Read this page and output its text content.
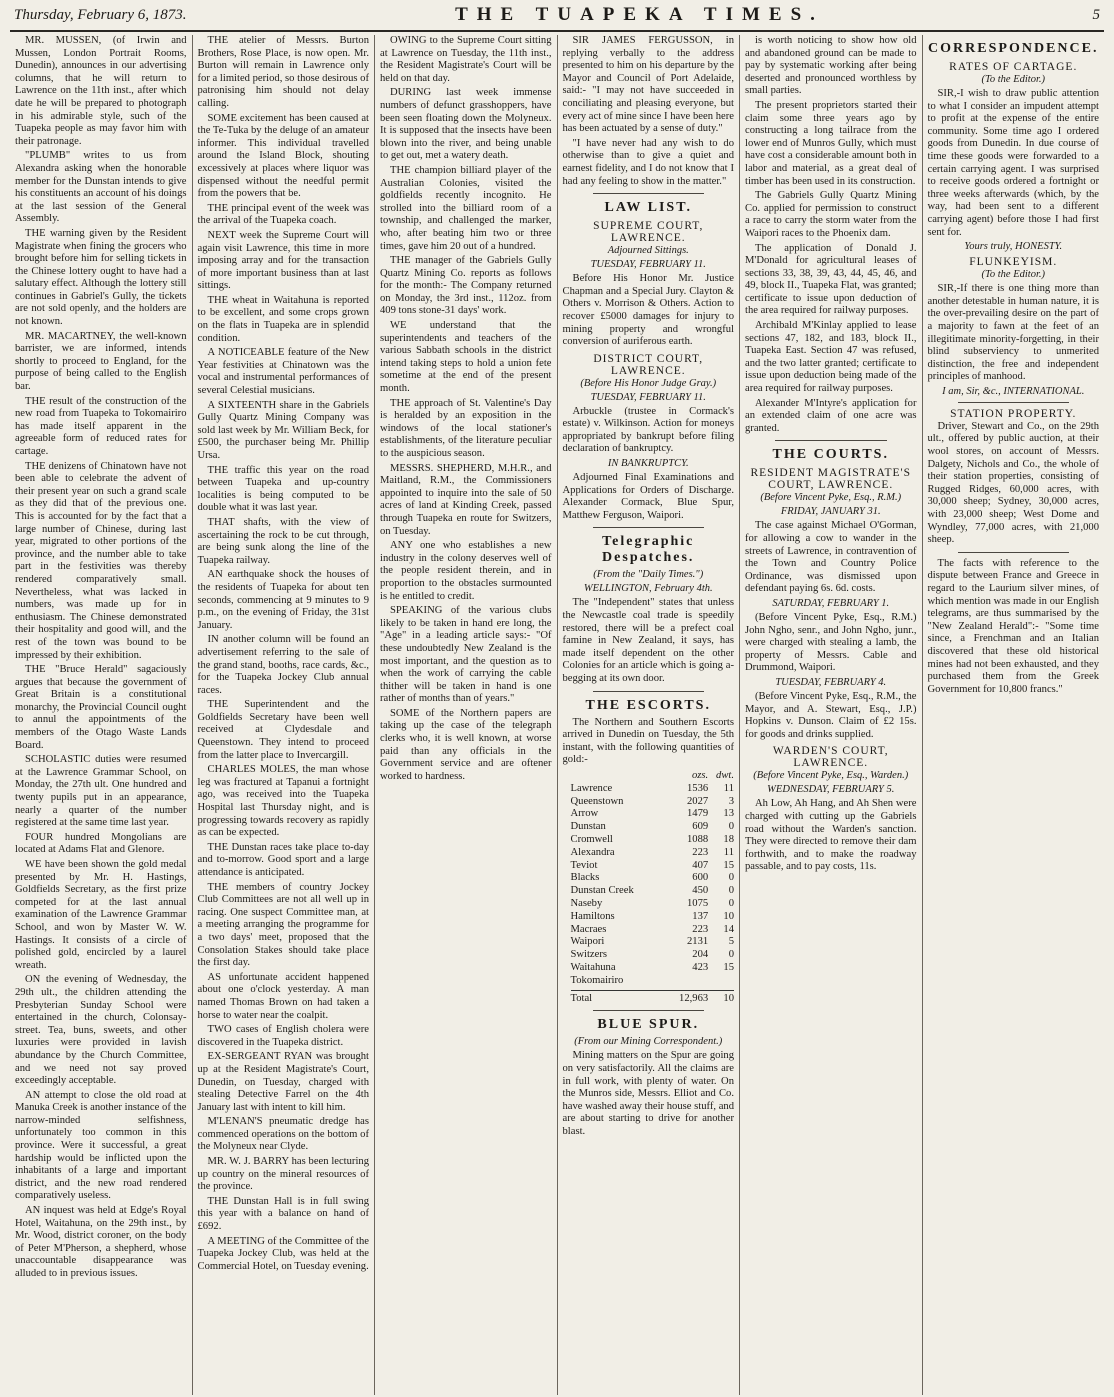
Thursday, February 6, 1873.	THE TUAPEKA TIMES.	5

MR. MUSSEN, (of Irwin and Mussen, London Portrait Rooms, Dunedin), announces in our advertising columns, that he will return to Lawrence on the 11th inst., after which date he will be prepared to photograph in his admirable style, such of the Tuapeka people as may favor him with their patronage.

"PLUMB" writes to us from Alexandra asking when the honorable member for the Dunstan intends to give his constituents an account of his doings at the last session of the General Assembly.

THE warning given by the Resident Magistrate when fining the grocers who brought before him for selling tickets in the Chinese lottery ought to have had a salutary effect. Although the lottery still continues in Gabriel's Gully, the tickets are not sold openly, and the holders are not known.

MR. MACARTNEY, the well-known barrister, we are informed, intends shortly to proceed to England, for the purpose of being called to the English bar.

THE result of the construction of the new road from Tuapeka to Tokomairiro has made itself apparent in the agreeable form of reduced rates for cartage.

THE denizens of Chinatown have not been able to celebrate the advent of their present year on such a grand scale as they did that of the previous one. This is accounted for by the fact that a large number of Chinese, during last year, migrated to other portions of the province, and the number able to take part in the festivities was thereby rendered comparatively small. Nevertheless, what was lacked in numbers, was made up for in enthusiasm. The Chinese demonstrated their hospitality and good will, and the rest of the town was bound to be impressed by their exhibition.

THE "Bruce Herald" sagaciously argues that because the government of Great Britain is a constitutional monarchy, the Provincial Council ought to annul the appointments of the members of the Otago Waste Lands Board.

SCHOLASTIC duties were resumed at the Lawrence Grammar School, on Monday, the 27th ult. One hundred and twenty pupils put in an appearance, nearly a quarter of the number registered at the same time last year.

FOUR hundred Mongolians are located at Adams Flat and Glenore.

WE have been shown the gold medal presented by Mr. H. Hastings, Goldfields Secretary, as the first prize competed for at the last annual examination of the Lawrence Grammar School, and won by Master W. W. Hastings. It consists of a circle of polished gold, encircled by a laurel wreath.

ON the evening of Wednesday, the 29th ult., the children attending the Presbyterian Sunday School were entertained in the church, Colonsay-street. Tea, buns, sweets, and other luxuries were provided in lavish abundance by the Church Committee, and we need not say proved exceedingly acceptable.

AN attempt to close the old road at Manuka Creek is another instance of the narrow-minded selfishness, unfortunately too common in this province. Were it successful, a great hardship would be inflicted upon the inhabitants of a large and important district, and the new road rendered comparatively useless.

AN inquest was held at Edge's Royal Hotel, Waitahuna, on the 29th inst., by Mr. Wood, district coroner, on the body of Peter M'Pherson, a shepherd, whose unaccountable disappearance was alluded to in previous issues.

THE atelier of Messrs. Burton Brothers, Rose Place, is now open. Mr. Burton will remain in Lawrence only for a limited period, so those desirous of patronising him should not delay calling.

SOME excitement has been caused at the Te-Tuka by the deluge of an amateur informer. This individual travelled around the Island Block, shouting excessively at places where liquor was dispensed without the needful permit from the powers that be.

THE principal event of the week was the arrival of the Tuapeka coach.

NEXT week the Supreme Court will again visit Lawrence, this time in more imposing array and for the transaction of more important business than at last sittings.

THE wheat in Waitahuna is reported to be excellent, and some crops grown on the flats in Tuapeka are in splendid condition.

A NOTICEABLE feature of the New Year festivities at Chinatown was the vocal and instrumental performances of several Celestial musicians.

A SIXTEENTH share in the Gabriels Gully Quartz Mining Company was sold last week by Mr. William Beck, for £500, the purchaser being Mr. Phillip Ursa.

THE traffic this year on the road between Tuapeka and up-country localities is being computed to be double what it was last year.

THAT shafts, with the view of ascertaining the rock to be cut through, are being sunk along the line of the Tuapeka railway.

AN earthquake shock the houses of the residents of Tuapeka for about ten seconds, commencing at 9 minutes to 9 p.m., on the evening of Friday, the 31st January.

IN another column will be found an advertisement referring to the sale of the grand stand, booths, race cards, &c., for the Tuapeka Jockey Club annual races.

THE Superintendent and the Goldfields Secretary have been well received at Clydesdale and Queenstown. They intend to proceed from the latter place to Invercargill.

CHARLES MOLES, the man whose leg was fractured at Tapanui a fortnight ago, was received into the Tuapeka Hospital last Thursday night, and is progressing towards recovery as rapidly as can be expected.

THE Dunstan races take place to-day and to-morrow. Good sport and a large attendance is anticipated.

THE members of country Jockey Club Committees are not all well up in racing. One suspect Committee man, at a meeting arranging the programme for a two days' meet, proposed that the Consolation Stakes should take place the first day.

AS unfortunate accident happened about one o'clock yesterday. A man named Thomas Brown on had taken a horse to water near the coalpit.

TWO cases of English cholera were discovered in the Tuapeka district.

EX-SERGEANT RYAN was brought up at the Resident Magistrate's Court, Dunedin, on Tuesday, charged with stealing Detective Farrel on the 4th January last with intent to kill him.

M'LENAN'S pneumatic dredge has commenced operations on the bottom of the Molyneux near Clyde.

MR. W. J. BARRY has been lecturing up country on the mineral resources of the province.

THE Dunstan Hall is in full swing this year with a balance on hand of £692.

A MEETING of the Committee of the Tuapeka Jockey Club, was held at the Commercial Hotel, on Tuesday evening.

OWING to the Supreme Court sitting at Lawrence on Tuesday, the 11th inst., the Resident Magistrate's Court will be held on that day.

DURING last week immense numbers of defunct grasshoppers, have been seen floating down the Molyneux. It is supposed that the insects have been blown into the river, and being unable to get out, met a watery death.

THE champion billiard player of the Australian Colonies, visited the goldfields recently incognito. He strolled into the billiard room of a township, and challenged the marker, who, after beating him two or three times, gave him 20 out of a hundred.

THE manager of the Gabriels Gully Quartz Mining Co. reports as follows for the month:- The Company returned on Monday, the 3rd inst., 112oz. from 409 tons stone-31 days' work.

WE understand that the superintendents and teachers of the various Sabbath schools in the district intend taking steps to hold a union fete sometime at the end of the present month.

THE approach of St. Valentine's Day is heralded by an exposition in the windows of the local stationer's establishments, of the literature peculiar to the auspicious season.

MESSRS. SHEPHERD, M.H.R., and Maitland, R.M., the Commissioners appointed to inquire into the sale of 50 acres of land at Kinding Creek, passed through Tuapeka en route for Switzers, on Tuesday.

ANY one who establishes a new industry in the colony deserves well of the people resident therein, and in proportion to the obstacles surmounted is he entitled to credit.

SPEAKING of the various clubs likely to be taken in hand ere long, the "Age" in a leading article says:- "Of these undoubtedly New Zealand is the most important, and the question as to when the work of carrying the cable thither will be taken in hand is one rather of months than of years."

SOME of the Northern papers are taking up the case of the telegraph clerks who, it is well known, at worse paid than any officials in the Government service and are oftener worked to hardness.

SIR JAMES FERGUSSON, in replying verbally to the address presented to him on his departure by the Mayor and Council of Port Adelaide, said:- "I may not have succeeded in conciliating and pleasing everyone, but every act of mine since I have been here has been actuated by a sense of duty."

"I have never had any wish to do otherwise than to give a quiet and earnest fidelity, and I do not know that I had any feeling to show in the matter."

LAW LIST.
SUPREME COURT, LAWRENCE.
Adjourned Sittings.
TUESDAY, FEBRUARY 11.

Before His Honor Mr. Justice Chapman and a Special Jury. Clayton & Others v. Morrison & Others. Action to recover £5000 damages for injury to mining property and wrongful conversion of auriferous earth.

DISTRICT COURT, LAWRENCE.
(Before His Honor Judge Gray.)
TUESDAY, FEBRUARY 11.

Arbuckle (trustee in Cormack's estate) v. Wilkinson. Action for moneys appropriated by bankrupt before filing declaration of bankruptcy.

IN BANKRUPTCY.

Adjourned Final Examinations and Applications for Orders of Discharge. Alexander Cormack, Blue Spur, Matthew Ferguson, Waipori.

Telegraphic Despatches.
(From the "Daily Times.")
WELLINGTON, February 4th.

The "Independent" states that unless the Newcastle coal trade is speedily restored, there will be a prefect coal famine in New Zealand, it says, has made itself dependent on the other Colonies for an article which is going a-begging at its own door.

THE ESCORTS.

The Northern and Southern Escorts arrived in Dunedin on Tuesday, the 5th instant, with the following quantities of gold:-

ozs. dwt.
Lawrence	1536	11
Queenstown	2027	3
Arrow	1479	13
Dunstan	609	0
Cromwell	1088	18
Alexandra	223	11
Teviot	407	15
Blacks	600	0
Dunstan Creek	450	0
Naseby	1075	0
Hamiltons	137	10
Macraes	223	14
Waipori	2131	5
Switzers	204	0
Waitahuna	423	15
Tokomairiro
Total	12,963	10
BLUE SPUR.
(From our Mining Correspondent.)

Mining matters on the Spur are going on very satisfactorily. All the claims are in full work, with plenty of water. On the Munros side, Messrs. Elliot and Co. have washed away their house stuff, and are about starting to drive for another blast.

is worth noticing to show how old and abandoned ground can be made to pay by systematic working after being deserted and pronounced worthless by small parties.

The present proprietors started their claim some three years ago by constructing a long tailrace from the lower end of Munros Gully, which must have cost a considerable amount both in labor and material, as a great deal of timber has been used in its construction.

The Gabriels Gully Quartz Mining Co. applied for permission to construct a race to carry the storm water from the Waipori races to the Phoenix dam.

The application of Donald J. M'Donald for agricultural leases of sections 33, 38, 39, 43, 44, 45, 46, and 49, block II., Tuapeka Flat, was granted; certificate to issue upon deduction of the area required for railway purposes.

Archibald M'Kinlay applied to lease sections 47, 182, and 183, block II., Tuapeka East. Section 47 was refused, and the two latter granted; certificate to issue upon deduction being made of the area required for railway purposes.

Alexander M'Intyre's application for an extended claim of one acre was granted.

THE COURTS.
RESIDENT MAGISTRATE'S COURT, LAWRENCE.
(Before Vincent Pyke, Esq., R.M.)
FRIDAY, JANUARY 31.

The case against Michael O'Gorman, for allowing a cow to wander in the streets of Lawrence, in contravention of the Town and Country Police Ordinance, was dismissed upon defendant paying 6s. 6d. costs.

SATURDAY, FEBRUARY 1.

(Before Vincent Pyke, Esq., R.M.) John Ngho, senr., and John Ngho, junr., were charged with stealing a lamb, the property of Messrs. Cable and Drummond, Waipori.

TUESDAY, FEBRUARY 4.

(Before Vincent Pyke, Esq., R.M., the Mayor, and A. Stewart, Esq., J.P.) Hopkins v. Dunson. Claim of £2 15s. for goods and drinks supplied.

WARDEN'S COURT, LAWRENCE.
(Before Vincent Pyke, Esq., Warden.)
WEDNESDAY, FEBRUARY 5.

Ah Low, Ah Hang, and Ah Shen were charged with cutting up the Gabriels road without the Warden's sanction. They were directed to remove their dam forthwith, and to make the roadway passable, and to pay costs, 11s.

CORRESPONDENCE.
RATES OF CARTAGE.
(To the Editor.)

SIR,-I wish to draw public attention to what I consider an impudent attempt to profit at the expense of the entire community. Some time ago I ordered goods from Dunedin. In due course of time these goods were forwarded to a certain carrying agent. I was surprised to receive goods ordered a fortnight or three weeks afterwards (which, by the way, had been sent to a different carrying agent) before those I had first sent for.

Yours truly, HONESTY.
FLUNKEYISM.
(To the Editor.)

SIR,-If there is one thing more than another detestable in human nature, it is the over-prevailing desire on the part of a majority to fawn at the feet of an illegitimate minority-forgetting, in their blind subserviency to unmerited distinction, the free and independent principles of manhood.

I am, Sir, &c., INTERNATIONAL.
STATION PROPERTY.

Driver, Stewart and Co., on the 29th ult., offered by public auction, at their wool stores, on account of Messrs. Dalgety, Nichols and Co., the whole of their station properties, consisting of Rugged Ridges, 60,000 acres, with 30,000 sheep; Sydney, 30,000 acres, with 23,000 sheep; West Dome and Wyndley, 77,000 acres, with 21,000 sheep.

The facts with reference to the dispute between France and Greece in regard to the Laurium silver mines, of which mention was made in our English telegrams, are thus summarised by the "New Zealand Herald":- "Some time since, a Frenchman and an Italian discovered that these old historical mines had not been exhausted, and they purchased them from the Greek Government for 10,800 francs."
